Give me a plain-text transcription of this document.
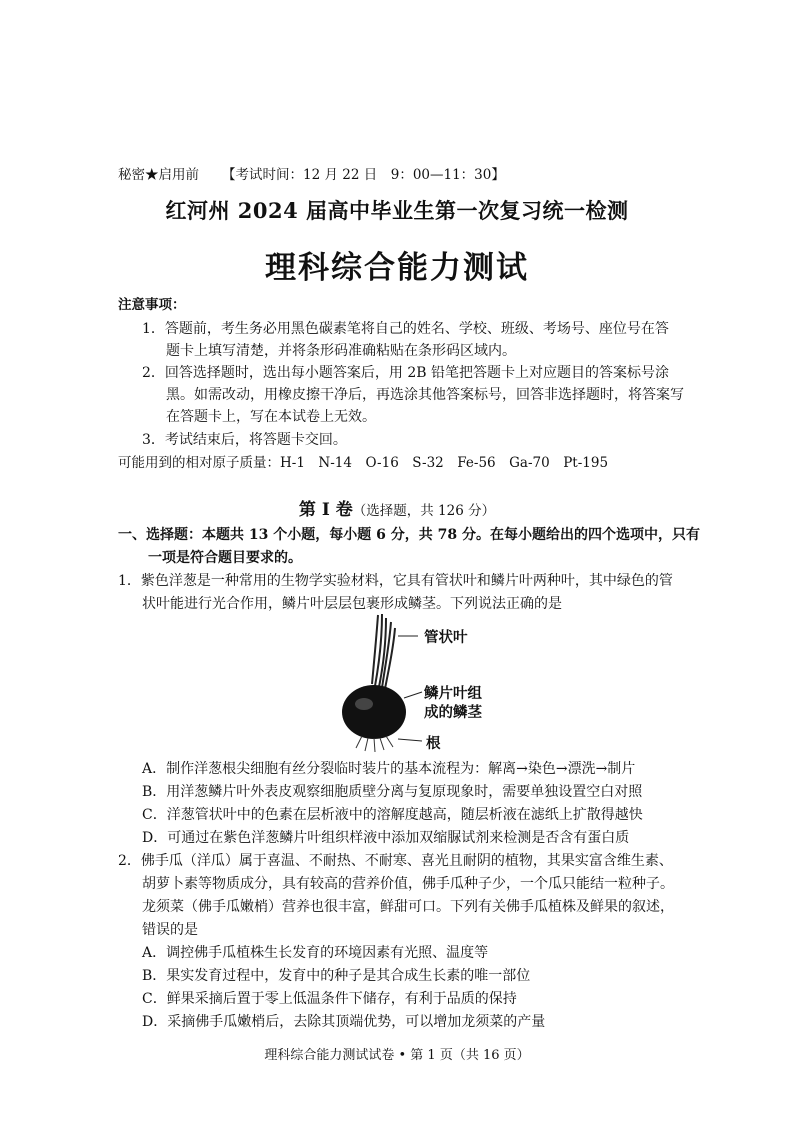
秘密★启用前 【考试时间：12 月 22 日　9：00—11：30】
红河州 2024 届高中毕业生第一次复习统一检测
理科综合能力测试
注意事项：
1．答题前，考生务必用黑色碳素笔将自己的姓名、学校、班级、考场号、座位号在答
题卡上填写清楚，并将条形码准确粘贴在条形码区域内。
2．回答选择题时，选出每小题答案后，用 2B 铅笔把答题卡上对应题目的答案标号涂
黑。如需改动，用橡皮擦干净后，再选涂其他答案标号，回答非选择题时，将答案写
在答题卡上，写在本试卷上无效。
3．考试结束后，将答题卡交回。
可能用到的相对原子质量：H-1　N-14　O-16　S-32　Fe-56　Ga-70　Pt-195
第 I 卷（选择题，共 126 分）
一、选择题：本题共 13 个小题，每小题 6 分，共 78 分。在每小题给出的四个选项中，只有
一项是符合题目要求的。
1．紫色洋葱是一种常用的生物学实验材料，它具有管状叶和鳞片叶两种叶，其中绿色的管
状叶能进行光合作用，鳞片叶层层包裹形成鳞茎。下列说法正确的是
管状叶
鳞片叶组
成的鳞茎
根
A．制作洋葱根尖细胞有丝分裂临时装片的基本流程为：解离→染色→漂洗→制片
B．用洋葱鳞片叶外表皮观察细胞质壁分离与复原现象时，需要单独设置空白对照
C．洋葱管状叶中的色素在层析液中的溶解度越高，随层析液在滤纸上扩散得越快
D．可通过在紫色洋葱鳞片叶组织样液中添加双缩脲试剂来检测是否含有蛋白质
2．佛手瓜（洋瓜）属于喜温、不耐热、不耐寒、喜光且耐阴的植物，其果实富含维生素、
胡萝卜素等物质成分，具有较高的营养价值，佛手瓜种子少，一个瓜只能结一粒种子。
龙须菜（佛手瓜嫩梢）营养也很丰富，鲜甜可口。下列有关佛手瓜植株及鲜果的叙述，
错误的是
A．调控佛手瓜植株生长发育的环境因素有光照、温度等
B．果实发育过程中，发育中的种子是其合成生长素的唯一部位
C．鲜果采摘后置于零上低温条件下储存，有利于品质的保持
D．采摘佛手瓜嫩梢后，去除其顶端优势，可以增加龙须菜的产量
理科综合能力测试试卷 • 第 1 页（共 16 页）
